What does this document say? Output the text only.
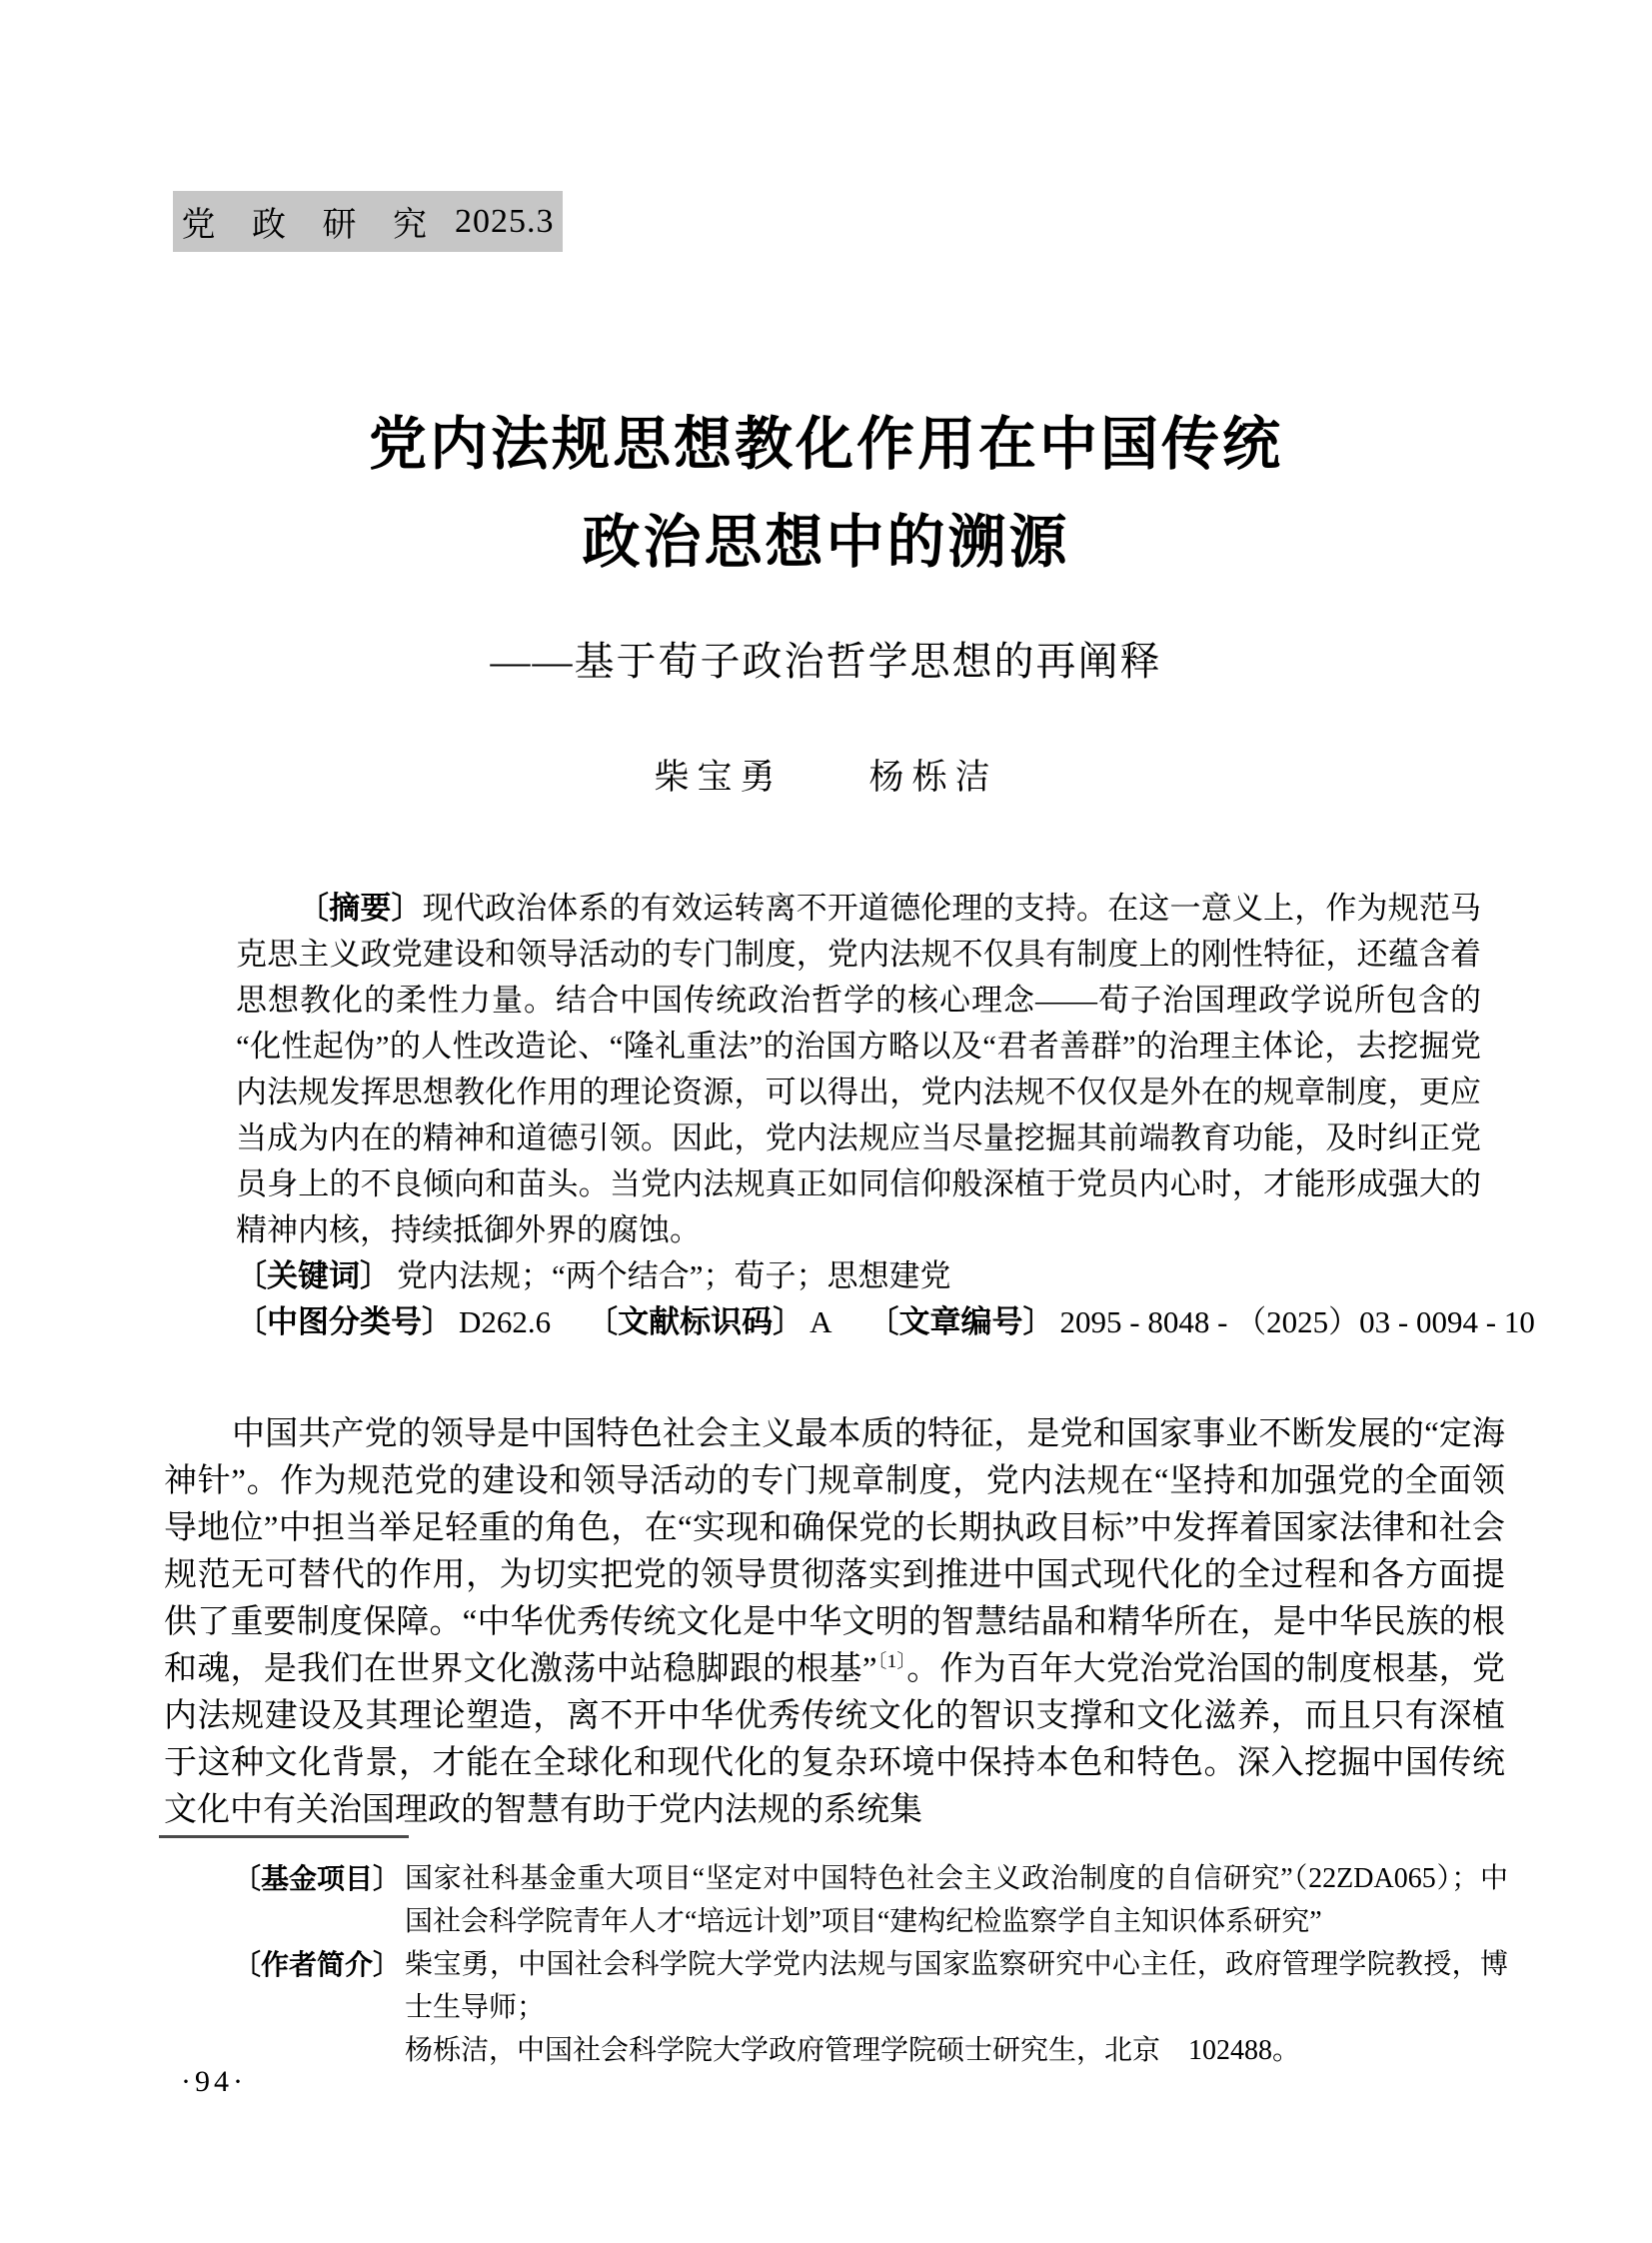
党 政 研 究 2025.3
党内法规思想教化作用在中国传统
政治思想中的溯源
——基于荀子政治哲学思想的再阐释
柴宝勇　　杨栎洁

〔摘要〕现代政治体系的有效运转离不开道德伦理的支持。在这一意义上，作为规范马克思主义政党建设和领导活动的专门制度，党内法规不仅具有制度上的刚性特征，还蕴含着思想教化的柔性力量。结合中国传统政治哲学的核心理念——荀子治国理政学说所包含的“化性起伪”的人性改造论、“隆礼重法”的治国方略以及“君者善群”的治理主体论，去挖掘党内法规发挥思想教化作用的理论资源，可以得出，党内法规不仅仅是外在的规章制度，更应当成为内在的精神和道德引领。因此，党内法规应当尽量挖掘其前端教育功能，及时纠正党员身上的不良倾向和苗头。当党内法规真正如同信仰般深植于党员内心时，才能形成强大的精神内核，持续抵御外界的腐蚀。

〔关键词〕 党内法规；“两个结合”；荀子；思想建党

〔中图分类号〕 D262.6 〔文献标识码〕 A 〔文章编号〕 2095 - 8048 - （2025）03 - 0094 - 10

中国共产党的领导是中国特色社会主义最本质的特征，是党和国家事业不断发展的“定海神针”。作为规范党的建设和领导活动的专门规章制度，党内法规在“坚持和加强党的全面领导地位”中担当举足轻重的角色，在“实现和确保党的长期执政目标”中发挥着国家法律和社会规范无可替代的作用，为切实把党的领导贯彻落实到推进中国式现代化的全过程和各方面提供了重要制度保障。“中华优秀传统文化是中华文明的智慧结晶和精华所在，是中华民族的根和魂，是我们在世界文化激荡中站稳脚跟的根基”$^{〔1〕}$。作为百年大党治党治国的制度根基，党内法规建设及其理论塑造，离不开中华优秀传统文化的智识支撑和文化滋养，而且只有深植于这种文化背景，才能在全球化和现代化的复杂环境中保持本色和特色。深入挖掘中国传统文化中有关治国理政的智慧有助于党内法规的系统集

〔基金项目〕 国家社科基金重大项目“坚定对中国特色社会主义政治制度的自信研究”（22ZDA065）；中国社会科学院青年人才“培远计划”项目“建构纪检监察学自主知识体系研究”
〔作者简介〕 柴宝勇，中国社会科学院大学党内法规与国家监察研究中心主任，政府管理学院教授，博士生导师；
杨栎洁，中国社会科学院大学政府管理学院硕士研究生，北京　102488。
·94·
